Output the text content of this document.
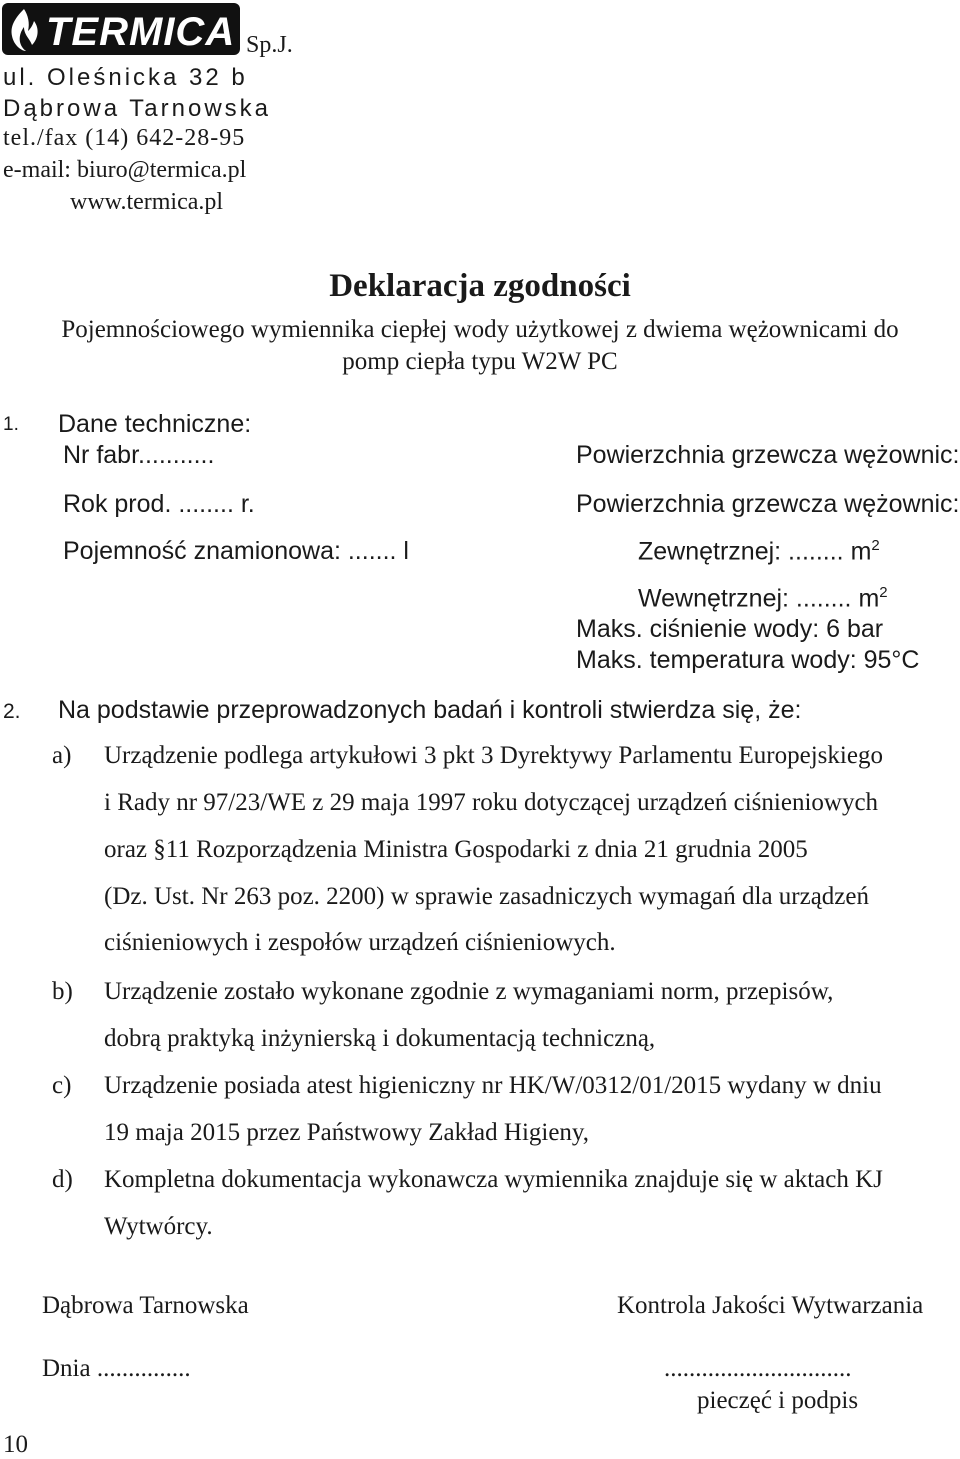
TERMICA Sp.J.
ul. Oleśnicka 32 b
Dąbrowa Tarnowska
tel./fax (14) 642-28-95
e-mail: biuro@termica.pl
www.termica.pl
Deklaracja zgodności
Pojemnościowego wymiennika ciepłej wody użytkowej z dwiema wężownicami do
pomp ciepła typu W2W PC
1. Dane techniczne:
Nr fabr...........	Powierzchnia grzewcza wężownic:
Rok prod. ........ r.	Powierzchnia grzewcza wężownic:
Pojemność znamionowa: ....... l	Zewnętrznej: ........ $m^2$
Wewnętrznej: ........ $m^2$
Maks. ciśnienie wody: 6 bar
Maks. temperatura wody: 95°C
2. Na podstawie przeprowadzonych badań i kontroli stwierdza się, że:
a) Urządzenie podlega artykułowi 3 pkt 3 Dyrektywy Parlamentu Europejskiego
i Rady nr 97/23/WE z 29 maja 1997 roku dotyczącej urządzeń ciśnieniowych
oraz §11 Rozporządzenia Ministra Gospodarki z dnia 21 grudnia 2005
(Dz. Ust. Nr 263 poz. 2200) w sprawie zasadniczych wymagań dla urządzeń
ciśnieniowych i zespołów urządzeń ciśnieniowych.
b) Urządzenie zostało wykonane zgodnie z wymaganiami norm, przepisów,
dobrą praktyką inżynierską i dokumentacją techniczną,
c) Urządzenie posiada atest higieniczny nr HK/W/0312/01/2015 wydany w dniu
19 maja 2015 przez Państwowy Zakład Higieny,
d) Kompletna dokumentacja wykonawcza wymiennika znajduje się w aktach KJ
Wytwórcy.
Dąbrowa Tarnowska	Kontrola Jakości Wytwarzania
Dnia ...............	..............................
pieczęć i podpis
10
